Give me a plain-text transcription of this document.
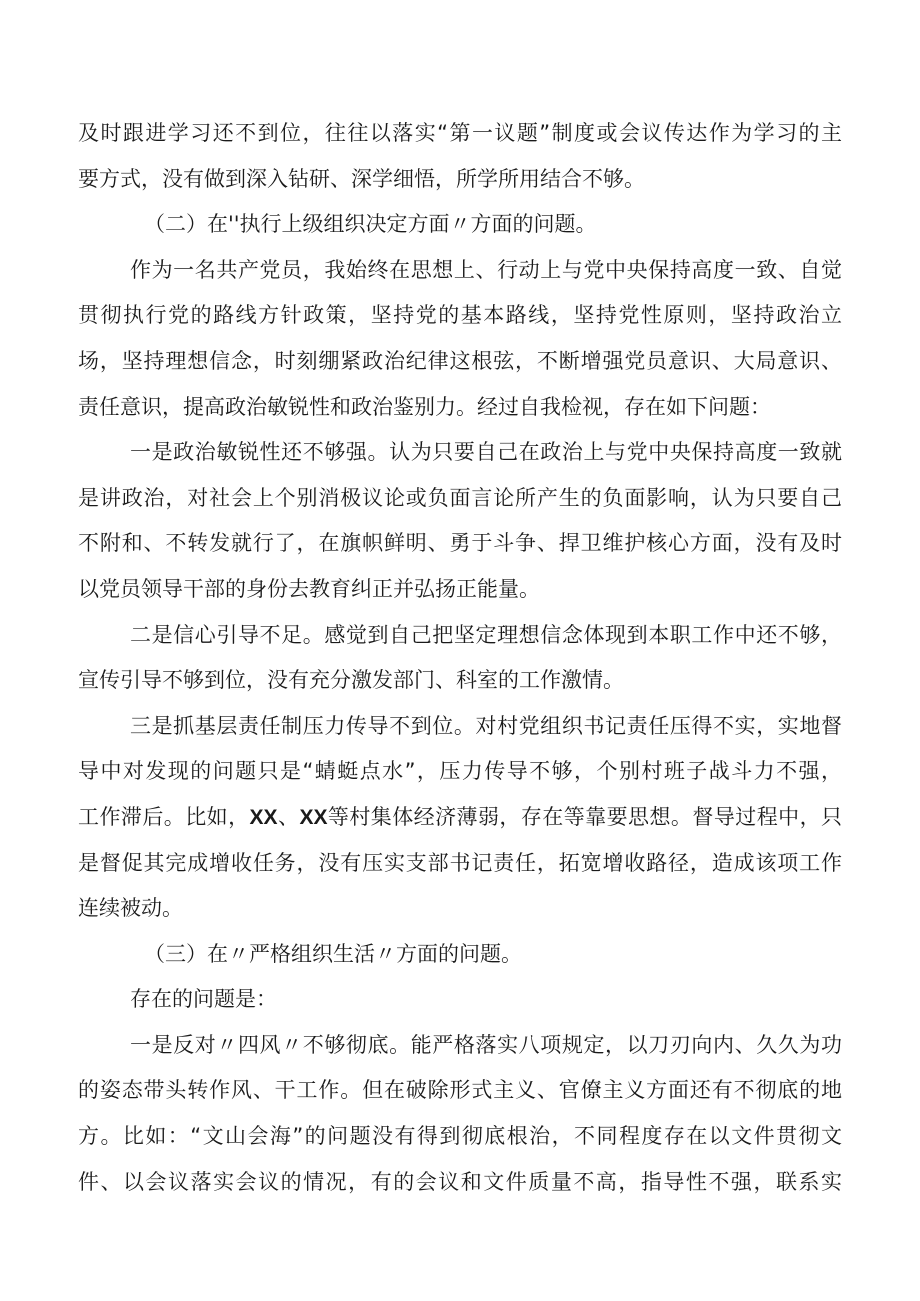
及时跟进学习还不到位，往往以落实“第一议题”制度或会议传达作为学习的主
要方式，没有做到深入钻研、深学细悟，所学所用结合不够。
（二）在''执行上级组织决定方面〃方面的问题。
作为一名共产党员，我始终在思想上、行动上与党中央保持高度一致、自觉
贯彻执行党的路线方针政策，坚持党的基本路线，坚持党性原则，坚持政治立
场，坚持理想信念，时刻绷紧政治纪律这根弦，不断增强党员意识、大局意识、
责任意识，提高政治敏锐性和政治鉴别力。经过自我检视，存在如下问题：
一是政治敏锐性还不够强。认为只要自己在政治上与党中央保持高度一致就
是讲政治，对社会上个别消极议论或负面言论所产生的负面影响，认为只要自己
不附和、不转发就行了，在旗帜鲜明、勇于斗争、捍卫维护核心方面，没有及时
以党员领导干部的身份去教育纠正并弘扬正能量。
二是信心引导不足。感觉到自己把坚定理想信念体现到本职工作中还不够，
宣传引导不够到位，没有充分激发部门、科室的工作激情。
三是抓基层责任制压力传导不到位。对村党组织书记责任压得不实，实地督
导中对发现的问题只是“蜻蜓点水”，压力传导不够，个别村班子战斗力不强，
工作滞后。比如，XX、XX等村集体经济薄弱，存在等靠要思想。督导过程中，只
是督促其完成增收任务，没有压实支部书记责任，拓宽增收路径，造成该项工作
连续被动。
（三）在〃严格组织生活〃方面的问题。
存在的问题是：
一是反对〃四风〃不够彻底。能严格落实八项规定，以刀刃向内、久久为功
的姿态带头转作风、干工作。但在破除形式主义、官僚主义方面还有不彻底的地
方。比如：“文山会海”的问题没有得到彻底根治，不同程度存在以文件贯彻文
件、以会议落实会议的情况，有的会议和文件质量不高，指导性不强，联系实
